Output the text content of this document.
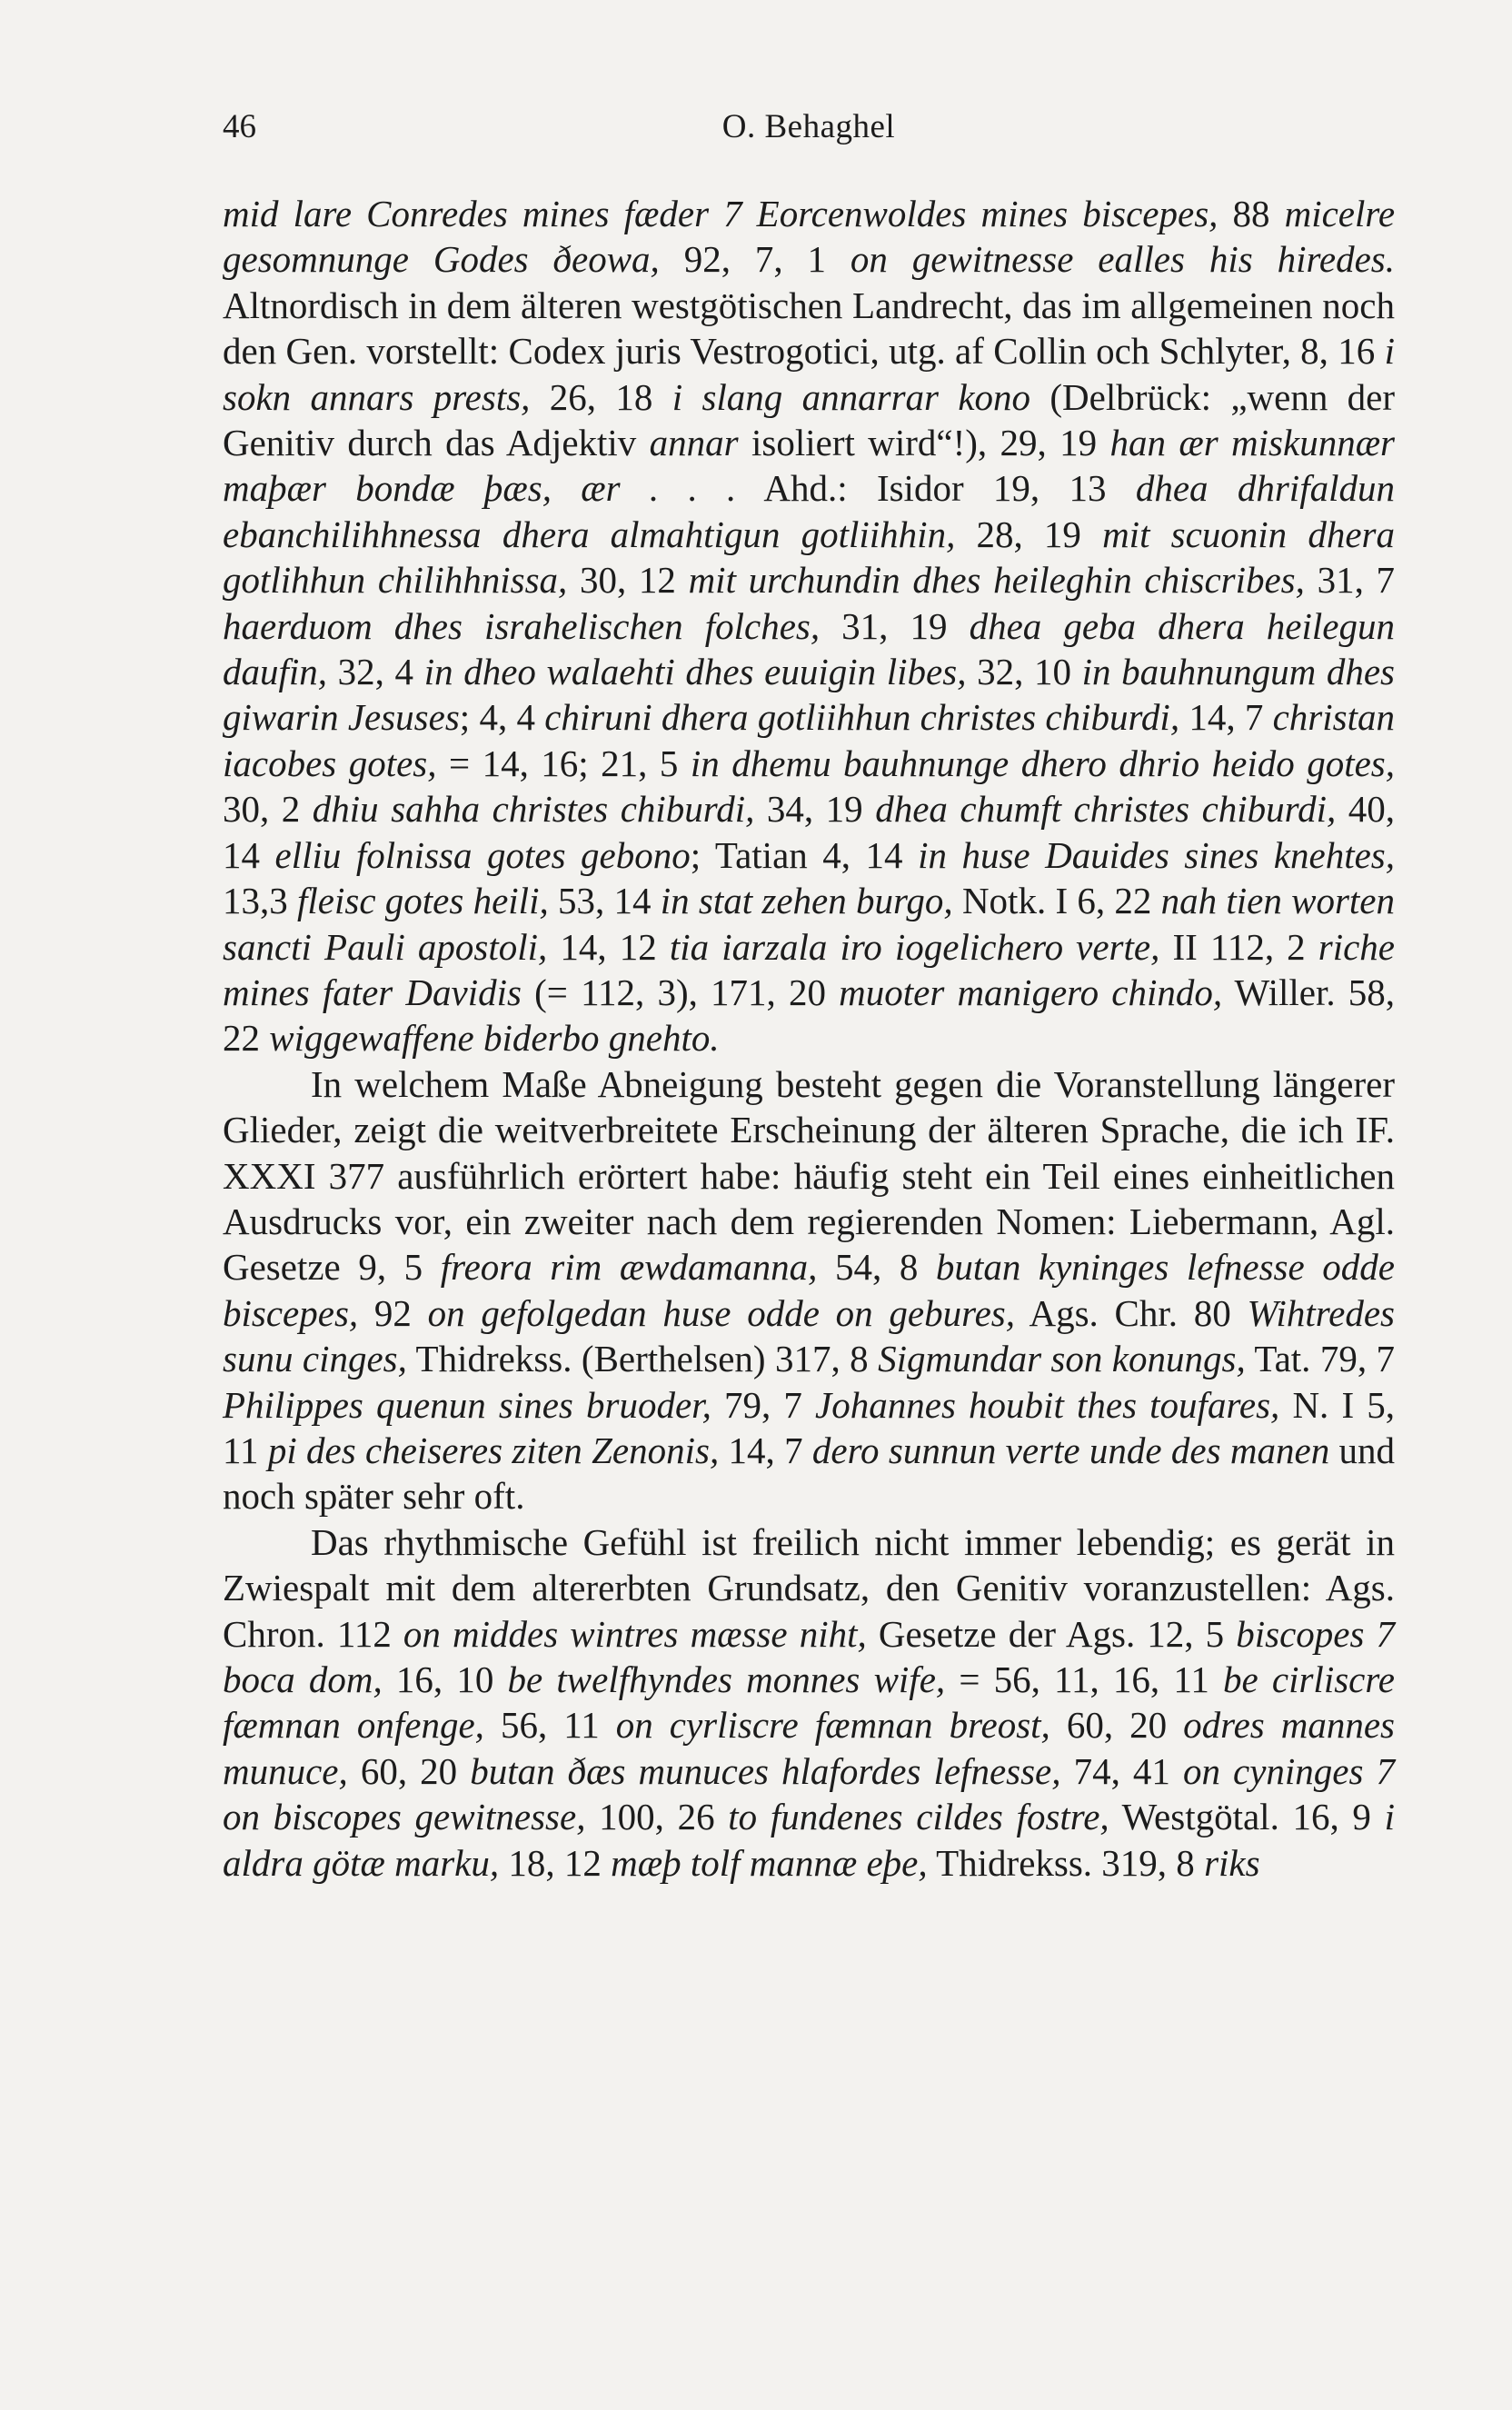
46	O. Behaghel

mid lare Conredes mines fæder 7 Eorcenwoldes mines biscepes, 88 micelre gesomnunge Godes ðeowa, 92, 7, 1 on gewitnesse ealles his hiredes. Altnordisch in dem älteren westgötischen Landrecht, das im allgemeinen noch den Gen. vorstellt: Codex juris Vestrogotici, utg. af Collin och Schlyter, 8, 16 i sokn annars prests, 26, 18 i slang annarrar kono (Delbrück: „wenn der Genitiv durch das Adjektiv annar isoliert wird“!), 29, 19 han ær miskunnær maþær bondæ þæs, ær . . . Ahd.: Isidor 19, 13 dhea dhrifaldun ebanchilihhnessa dhera almahtigun gotliihhin, 28, 19 mit scuonin dhera gotlihhun chilihhnissa, 30, 12 mit urchundin dhes heileghin chiscribes, 31, 7 haerduom dhes israhelischen folches, 31, 19 dhea geba dhera heilegun daufin, 32, 4 in dheo walaehti dhes euuigin libes, 32, 10 in bauhnungum dhes giwarin Jesuses; 4, 4 chiruni dhera gotliihhun christes chiburdi, 14, 7 christan iacobes gotes, = 14, 16; 21, 5 in dhemu bauhnunge dhero dhrio heido gotes, 30, 2 dhiu sahha christes chiburdi, 34, 19 dhea chumft christes chiburdi, 40, 14 elliu folnissa gotes gebono; Tatian 4, 14 in huse Dauides sines knehtes, 13,3 fleisc gotes heili, 53, 14 in stat zehen burgo, Notk. I 6, 22 nah tien worten sancti Pauli apostoli, 14, 12 tia iarzala iro iogelichero verte, II 112, 2 riche mines fater Davidis (= 112, 3), 171, 20 muoter manigero chindo, Willer. 58, 22 wiggewaffene biderbo gnehto.

In welchem Maße Abneigung besteht gegen die Voranstellung längerer Glieder, zeigt die weitverbreitete Erscheinung der älteren Sprache, die ich IF. XXXI 377 ausführlich erörtert habe: häufig steht ein Teil eines einheitlichen Ausdrucks vor, ein zweiter nach dem regierenden Nomen: Liebermann, Agl. Gesetze 9, 5 freora rim æwdamanna, 54, 8 butan kyninges lefnesse odde biscepes, 92 on gefolgedan huse odde on gebures, Ags. Chr. 80 Wihtredes sunu cinges, Thidrekss. (Berthelsen) 317, 8 Sigmundar son konungs, Tat. 79, 7 Philippes quenun sines bruoder, 79, 7 Johannes houbit thes toufares, N. I 5, 11 pi des cheiseres ziten Zenonis, 14, 7 dero sunnun verte unde des manen und noch später sehr oft.

Das rhythmische Gefühl ist freilich nicht immer lebendig; es gerät in Zwiespalt mit dem altererbten Grundsatz, den Genitiv voranzustellen: Ags. Chron. 112 on middes wintres mæsse niht, Gesetze der Ags. 12, 5 biscopes 7 boca dom, 16, 10 be twelfhyndes monnes wife, = 56, 11, 16, 11 be cirliscre fæmnan onfenge, 56, 11 on cyrliscre fæmnan breost, 60, 20 odres mannes munuce, 60, 20 butan ðæs munuces hlafordes lefnesse, 74, 41 on cyninges 7 on biscopes gewitnesse, 100, 26 to fundenes cildes fostre, Westgötal. 16, 9 i aldra götæ marku, 18, 12 mæþ tolf mannæ eþe, Thidrekss. 319, 8 riks
